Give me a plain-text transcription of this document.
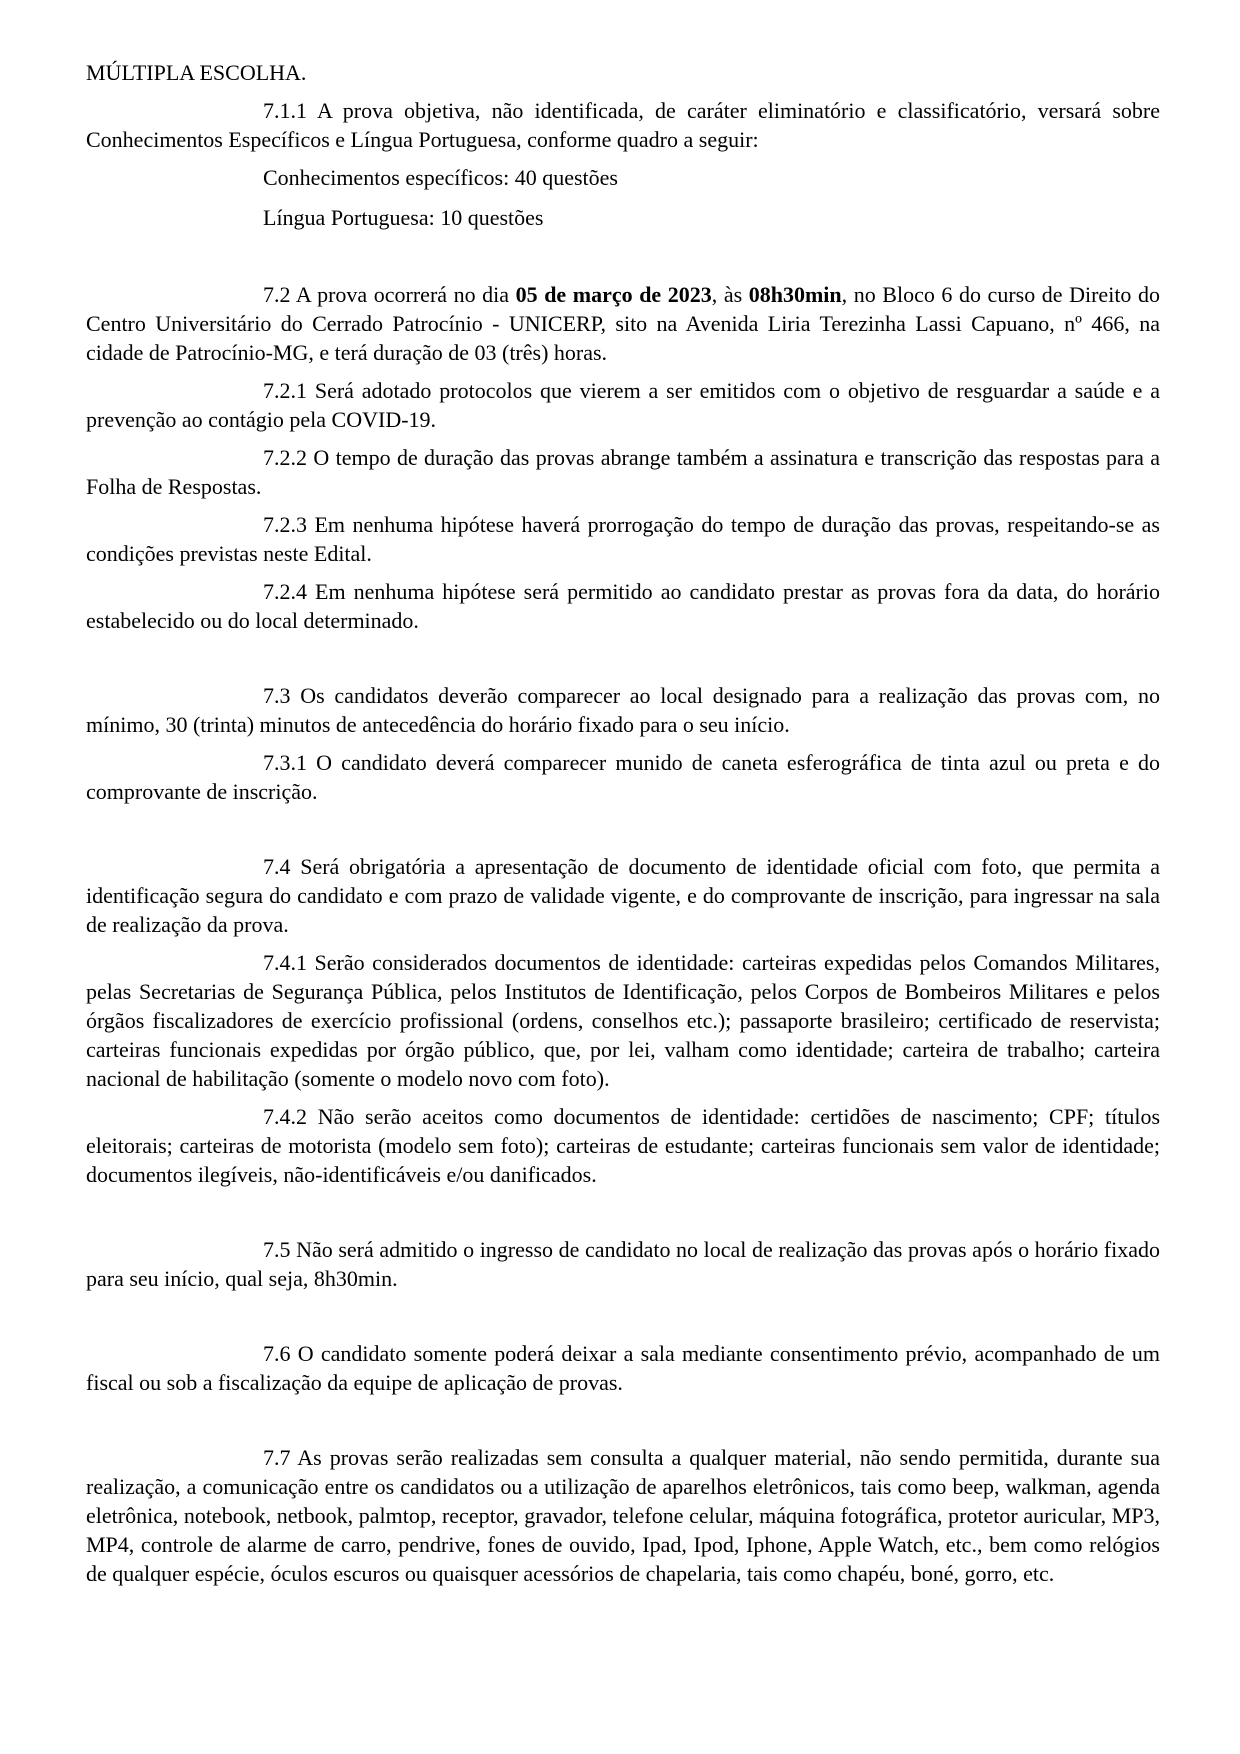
MÚLTIPLA ESCOLHA.

7.1.1 A prova objetiva, não identificada, de caráter eliminatório e classificatório, versará sobre Conhecimentos Específicos e Língua Portuguesa, conforme quadro a seguir:

Conhecimentos específicos: 40 questões

Língua Portuguesa: 10 questões

7.2 A prova ocorrerá no dia 05 de março de 2023, às 08h30min, no Bloco 6 do curso de Direito do Centro Universitário do Cerrado Patrocínio - UNICERP, sito na Avenida Liria Terezinha Lassi Capuano, nº 466, na cidade de Patrocínio-MG, e terá duração de 03 (três) horas.

7.2.1 Será adotado protocolos que vierem a ser emitidos com o objetivo de resguardar a saúde e a prevenção ao contágio pela COVID-19.

7.2.2 O tempo de duração das provas abrange também a assinatura e transcrição das respostas para a Folha de Respostas.

7.2.3 Em nenhuma hipótese haverá prorrogação do tempo de duração das provas, respeitando-se as condições previstas neste Edital.

7.2.4 Em nenhuma hipótese será permitido ao candidato prestar as provas fora da data, do horário estabelecido ou do local determinado.

7.3 Os candidatos deverão comparecer ao local designado para a realização das provas com, no mínimo, 30 (trinta) minutos de antecedência do horário fixado para o seu início.

7.3.1 O candidato deverá comparecer munido de caneta esferográfica de tinta azul ou preta e do comprovante de inscrição.

7.4 Será obrigatória a apresentação de documento de identidade oficial com foto, que permita a identificação segura do candidato e com prazo de validade vigente, e do comprovante de inscrição, para ingressar na sala de realização da prova.

7.4.1 Serão considerados documentos de identidade: carteiras expedidas pelos Comandos Militares, pelas Secretarias de Segurança Pública, pelos Institutos de Identificação, pelos Corpos de Bombeiros Militares e pelos órgãos fiscalizadores de exercício profissional (ordens, conselhos etc.); passaporte brasileiro; certificado de reservista; carteiras funcionais expedidas por órgão público, que, por lei, valham como identidade; carteira de trabalho; carteira nacional de habilitação (somente o modelo novo com foto).

7.4.2 Não serão aceitos como documentos de identidade: certidões de nascimento; CPF; títulos eleitorais; carteiras de motorista (modelo sem foto); carteiras de estudante; carteiras funcionais sem valor de identidade; documentos ilegíveis, não-identificáveis e/ou danificados.

7.5 Não será admitido o ingresso de candidato no local de realização das provas após o horário fixado para seu início, qual seja, 8h30min.

7.6 O candidato somente poderá deixar a sala mediante consentimento prévio, acompanhado de um fiscal ou sob a fiscalização da equipe de aplicação de provas.

7.7 As provas serão realizadas sem consulta a qualquer material, não sendo permitida, durante sua realização, a comunicação entre os candidatos ou a utilização de aparelhos eletrônicos, tais como beep, walkman, agenda eletrônica, notebook, netbook, palmtop, receptor, gravador, telefone celular, máquina fotográfica, protetor auricular, MP3, MP4, controle de alarme de carro, pendrive, fones de ouvido, Ipad, Ipod, Iphone, Apple Watch, etc., bem como relógios de qualquer espécie, óculos escuros ou quaisquer acessórios de chapelaria, tais como chapéu, boné, gorro, etc.
